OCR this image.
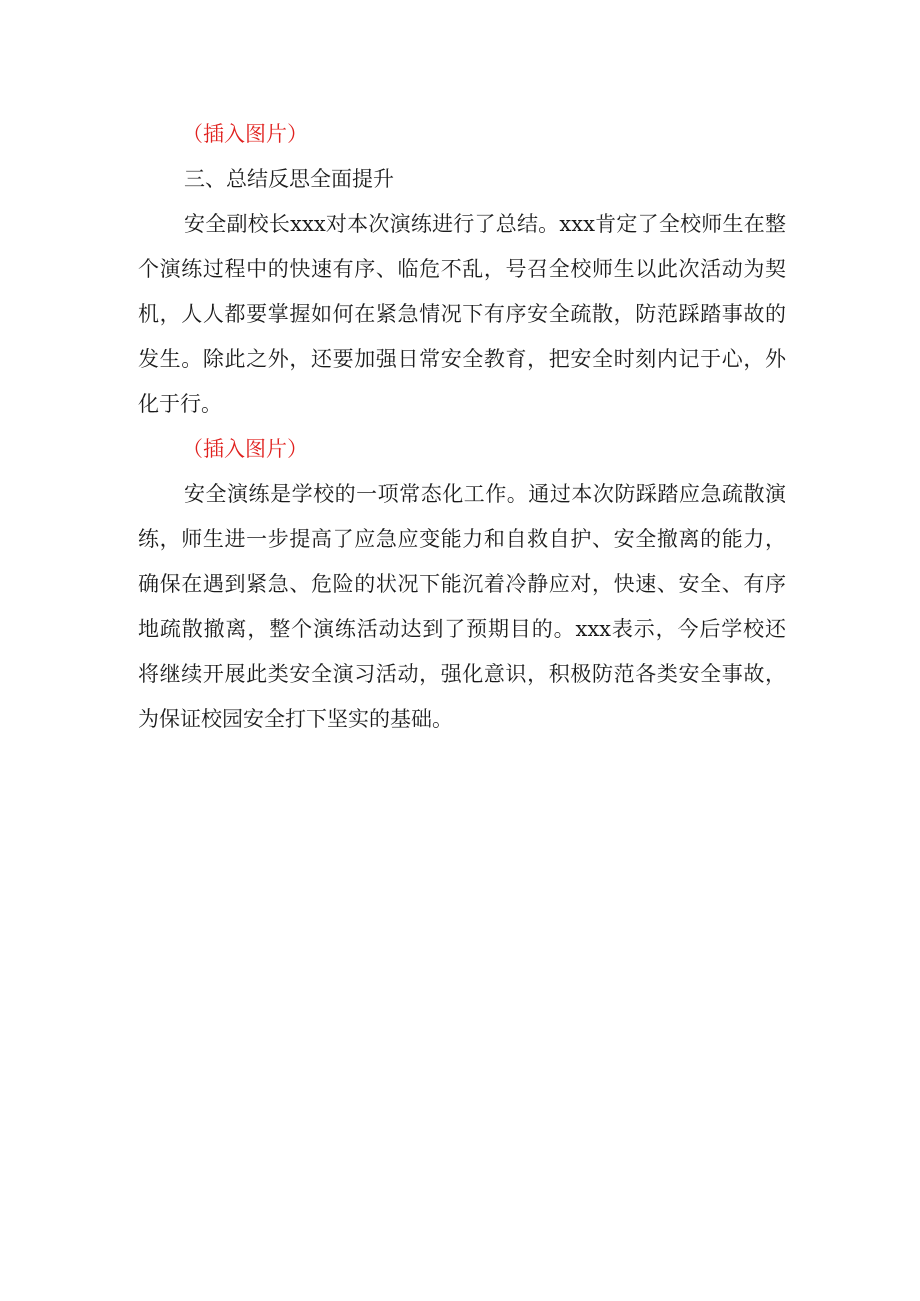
（插入图片）
三、总结反思全面提升
安全副校长xxx对本次演练进行了总结。xxx肯定了全校师生在整
个演练过程中的快速有序、临危不乱，号召全校师生以此次活动为契
机，人人都要掌握如何在紧急情况下有序安全疏散，防范踩踏事故的
发生。除此之外，还要加强日常安全教育，把安全时刻内记于心，外
化于行。
（插入图片）
安全演练是学校的一项常态化工作。通过本次防踩踏应急疏散演
练，师生进一步提高了应急应变能力和自救自护、安全撤离的能力，
确保在遇到紧急、危险的状况下能沉着冷静应对，快速、安全、有序
地疏散撤离，整个演练活动达到了预期目的。xxx表示，今后学校还
将继续开展此类安全演习活动，强化意识，积极防范各类安全事故，
为保证校园安全打下坚实的基础。
